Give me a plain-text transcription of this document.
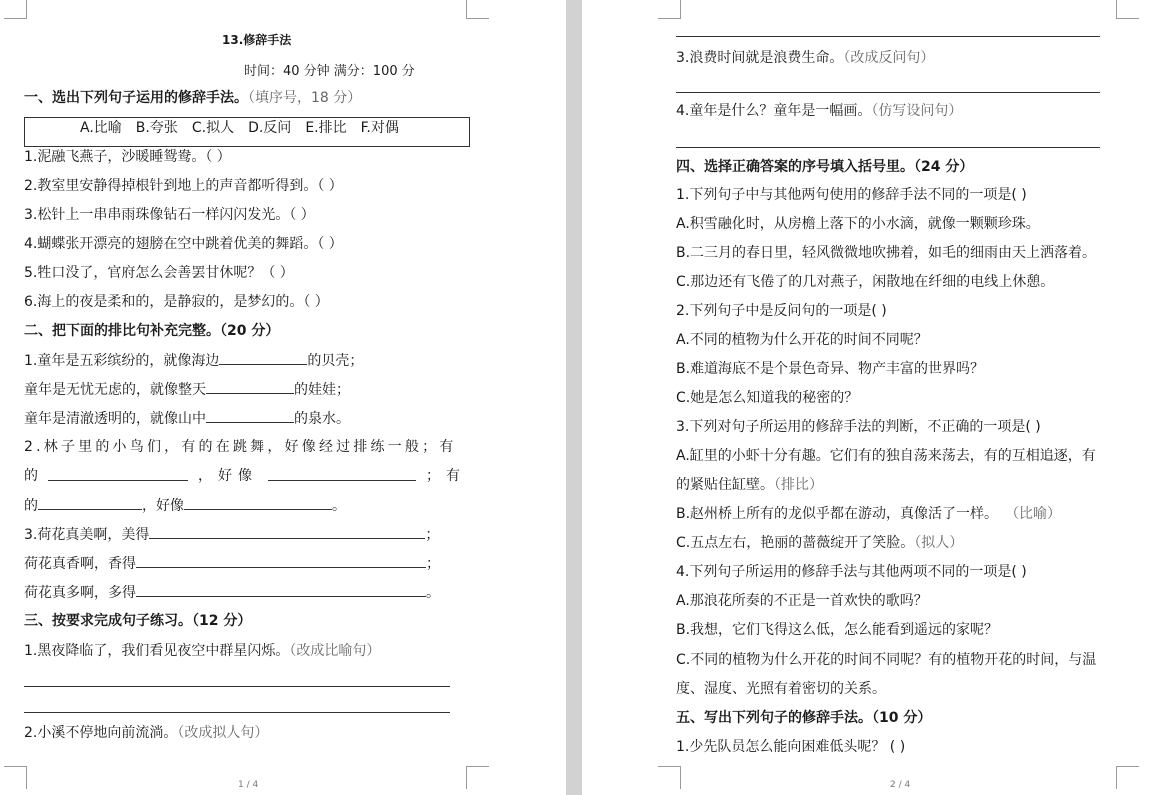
13.修辞手法
时间：40 分钟 满分：100 分
一、选出下列句子运用的修辞手法。（填序号，18 分）
A.比喻 B.夸张 C.拟人 D.反问 E.排比 F.对偶
1.泥融飞燕子，沙暖睡鸳鸯。（ ）
2.教室里安静得掉根针到地上的声音都听得到。（ ）
3.松针上一串串雨珠像钻石一样闪闪发光。（ ）
4.蝴蝶张开漂亮的翅膀在空中跳着优美的舞蹈。（ ）
5.牲口没了，官府怎么会善罢甘休呢？（ ）
6.海上的夜是柔和的，是静寂的，是梦幻的。（ ）
二、把下面的排比句补充完整。（20 分）
1.童年是五彩缤纷的，就像海边	的贝壳；
童年是无忧无虑的，就像整天	的娃娃；
童年是清澈透明的，就像山中	的泉水。
2.林子里的小鸟们，有的在跳舞，好像经过排练一般；有
的	，好像	；有
的	，好像	。
3.荷花真美啊，美得	；
荷花真香啊，香得	；
荷花真多啊，多得	。
三、按要求完成句子练习。（12 分）
1.黑夜降临了，我们看见夜空中群星闪烁。（改成比喻句）
2.小溪不停地向前流淌。（改成拟人句）
1 / 4
3.浪费时间就是浪费生命。（改成反问句）
4.童年是什么？童年是一幅画。（仿写设问句）
四、选择正确答案的序号填入括号里。（24 分）
1.下列句子中与其他两句使用的修辞手法不同的一项是( )
A.积雪融化时，从房檐上落下的小水滴，就像一颗颗珍珠。
B.二三月的春日里，轻风微微地吹拂着，如毛的细雨由天上洒落着。
C.那边还有飞倦了的几对燕子，闲散地在纤细的电线上休憩。
2.下列句子中是反问句的一项是( )
A.不同的植物为什么开花的时间不同呢？
B.难道海底不是个景色奇异、物产丰富的世界吗？
C.她是怎么知道我的秘密的？
3.下列对句子所运用的修辞手法的判断，不正确的一项是( )
A.缸里的小虾十分有趣。它们有的独自荡来荡去，有的互相追逐，有
的紧贴住缸壁。（排比）
B.赵州桥上所有的龙似乎都在游动，真像活了一样。 （比喻）
C.五点左右，艳丽的蔷薇绽开了笑脸。（拟人）
4.下列句子所运用的修辞手法与其他两项不同的一项是( )
A.那浪花所奏的不正是一首欢快的歌吗？
B.我想，它们飞得这么低，怎么能看到遥远的家呢？
C.不同的植物为什么开花的时间不同呢？有的植物开花的时间，与温
度、湿度、光照有着密切的关系。
五、写出下列句子的修辞手法。（10 分）
1.少先队员怎么能向困难低头呢？ ( )
2 / 4
